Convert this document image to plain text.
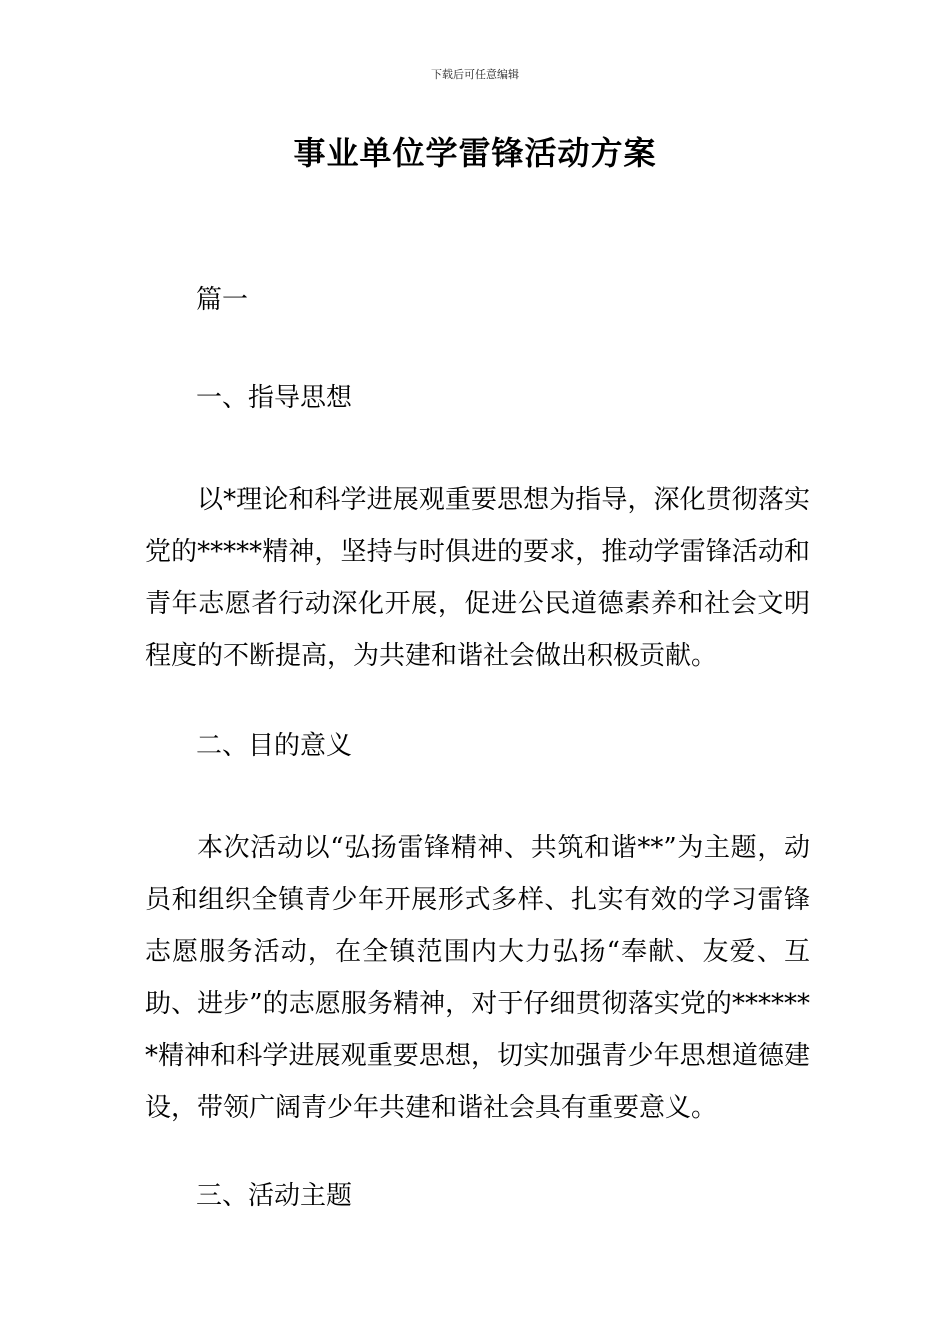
下载后可任意编辑
事业单位学雷锋活动方案
篇一
一、指导思想
以*理论和科学进展观重要思想为指导，深化贯彻落实党的*****精神，坚持与时俱进的要求，推动学雷锋活动和青年志愿者行动深化开展，促进公民道德素养和社会文明程度的不断提高，为共建和谐社会做出积极贡献。
二、目的意义
本次活动以“弘扬雷锋精神、共筑和谐**”为主题，动员和组织全镇青少年开展形式多样、扎实有效的学习雷锋志愿服务活动，在全镇范围内大力弘扬“奉献、友爱、互助、进步”的志愿服务精神，对于仔细贯彻落实党的*******精神和科学进展观重要思想，切实加强青少年思想道德建设，带领广阔青少年共建和谐社会具有重要意义。
三、活动主题
